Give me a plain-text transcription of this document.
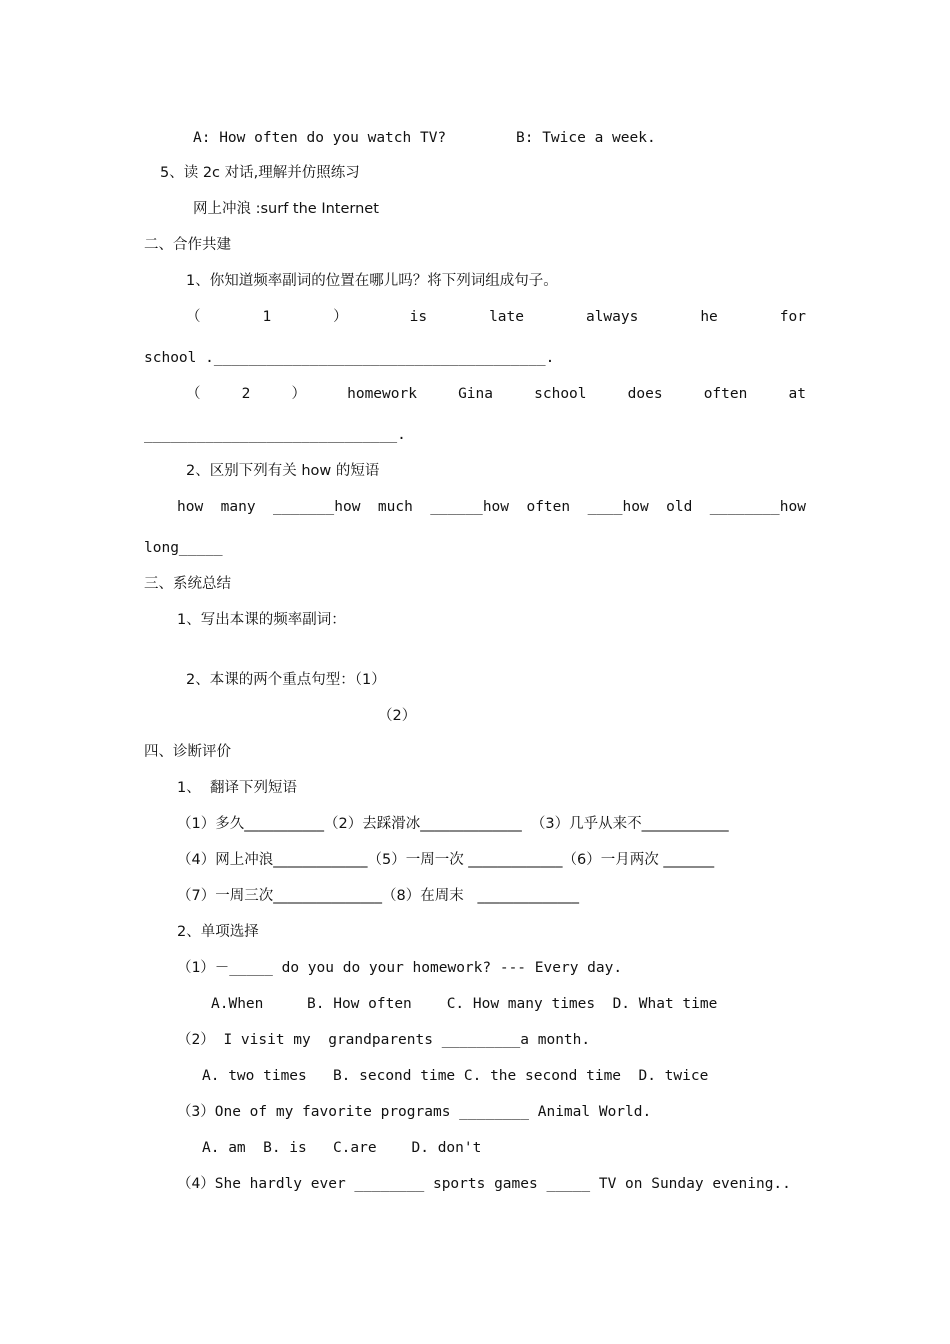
A: How often do you watch TV?        B: Twice a week.
5、读 2c 对话,理解并仿照练习
网上冲浪 :surf the Internet
二、合作共建
1、你知道频率副词的位置在哪儿吗？将下列词组成句子。
（	1	）	is	late	always	he	for
school .______________________________________.
（	2	）	homework	Gina	school	does	often	at
_____________________________.
2、区别下列有关 how 的短语
how  many  _______ how  much  ______ how  often  ____how  old  ________ how
long_____
三、系统总结
1、写出本课的频率副词：
2、本课的两个重点句型：（1）
（2）
四、诊断评价
1、  翻译下列短语
（1）多久___________（2）去踩滑冰______________  （3）几乎从来不____________
（4）网上冲浪_____________（5）一周一次 _____________（6）一月两次 _______
（7）一周三次_______________（8）在周末   ______________
2、单项选择
（1）－_____ do you do your homework? --- Every day.
A.When     B. How often    C. How many times  D. What time
（2） I visit my  grandparents _________a month.
A. two times   B. second time C. the second time  D. twice
（3）One of my favorite programs ________ Animal World.
A. am  B. is   C.are    D. don't
（4）She hardly ever ________ sports games _____ TV on Sunday evening..
